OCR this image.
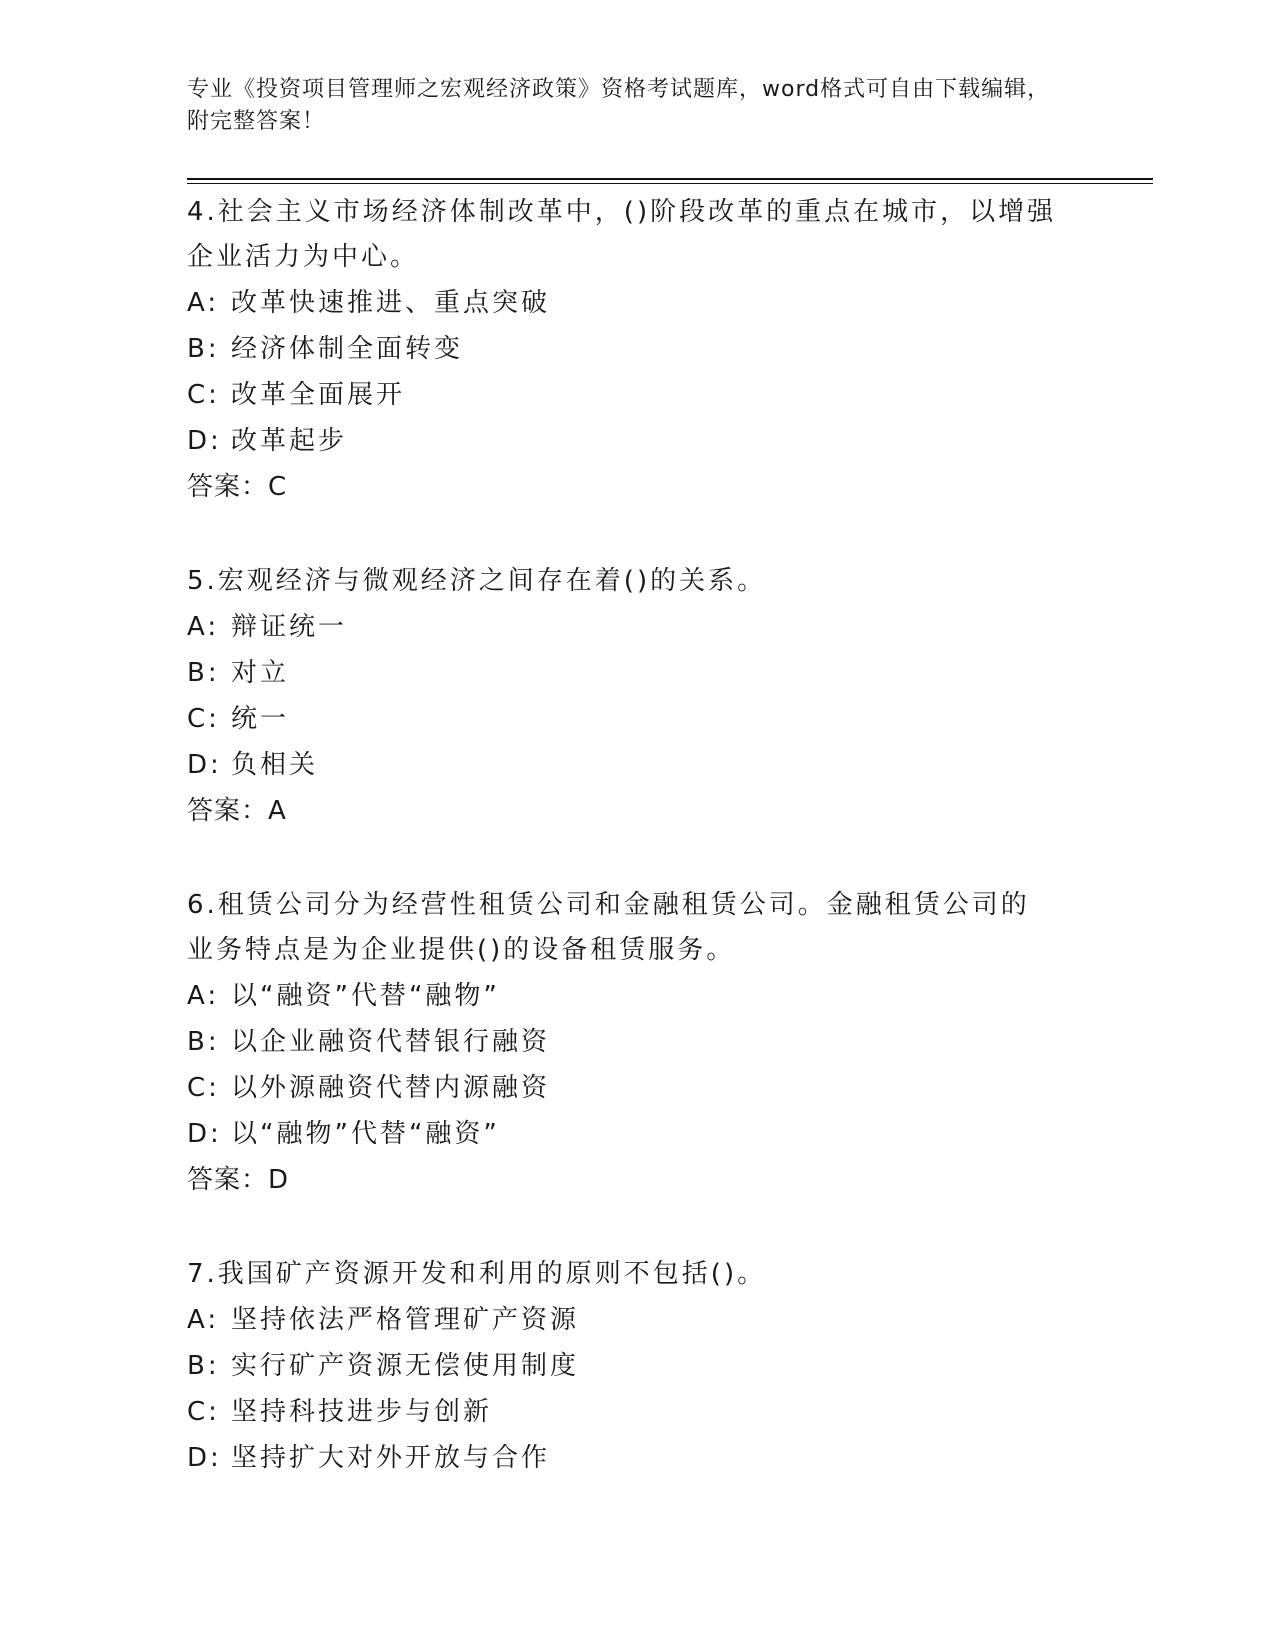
专业《投资项目管理师之宏观经济政策》资格考试题库，word格式可自由下载编辑，附完整答案！
4.社会主义市场经济体制改革中，()阶段改革的重点在城市，以增强企业活力为中心。
A: 改革快速推进、重点突破
B: 经济体制全面转变
C: 改革全面展开
D: 改革起步
答案：C
5.宏观经济与微观经济之间存在着()的关系。
A: 辩证统一
B: 对立
C: 统一
D: 负相关
答案：A
6.租赁公司分为经营性租赁公司和金融租赁公司。金融租赁公司的业务特点是为企业提供()的设备租赁服务。
A: 以“融资”代替“融物”
B: 以企业融资代替银行融资
C: 以外源融资代替内源融资
D: 以“融物”代替“融资”
答案：D
7.我国矿产资源开发和利用的原则不包括()。
A: 坚持依法严格管理矿产资源
B: 实行矿产资源无偿使用制度
C: 坚持科技进步与创新
D: 坚持扩大对外开放与合作
